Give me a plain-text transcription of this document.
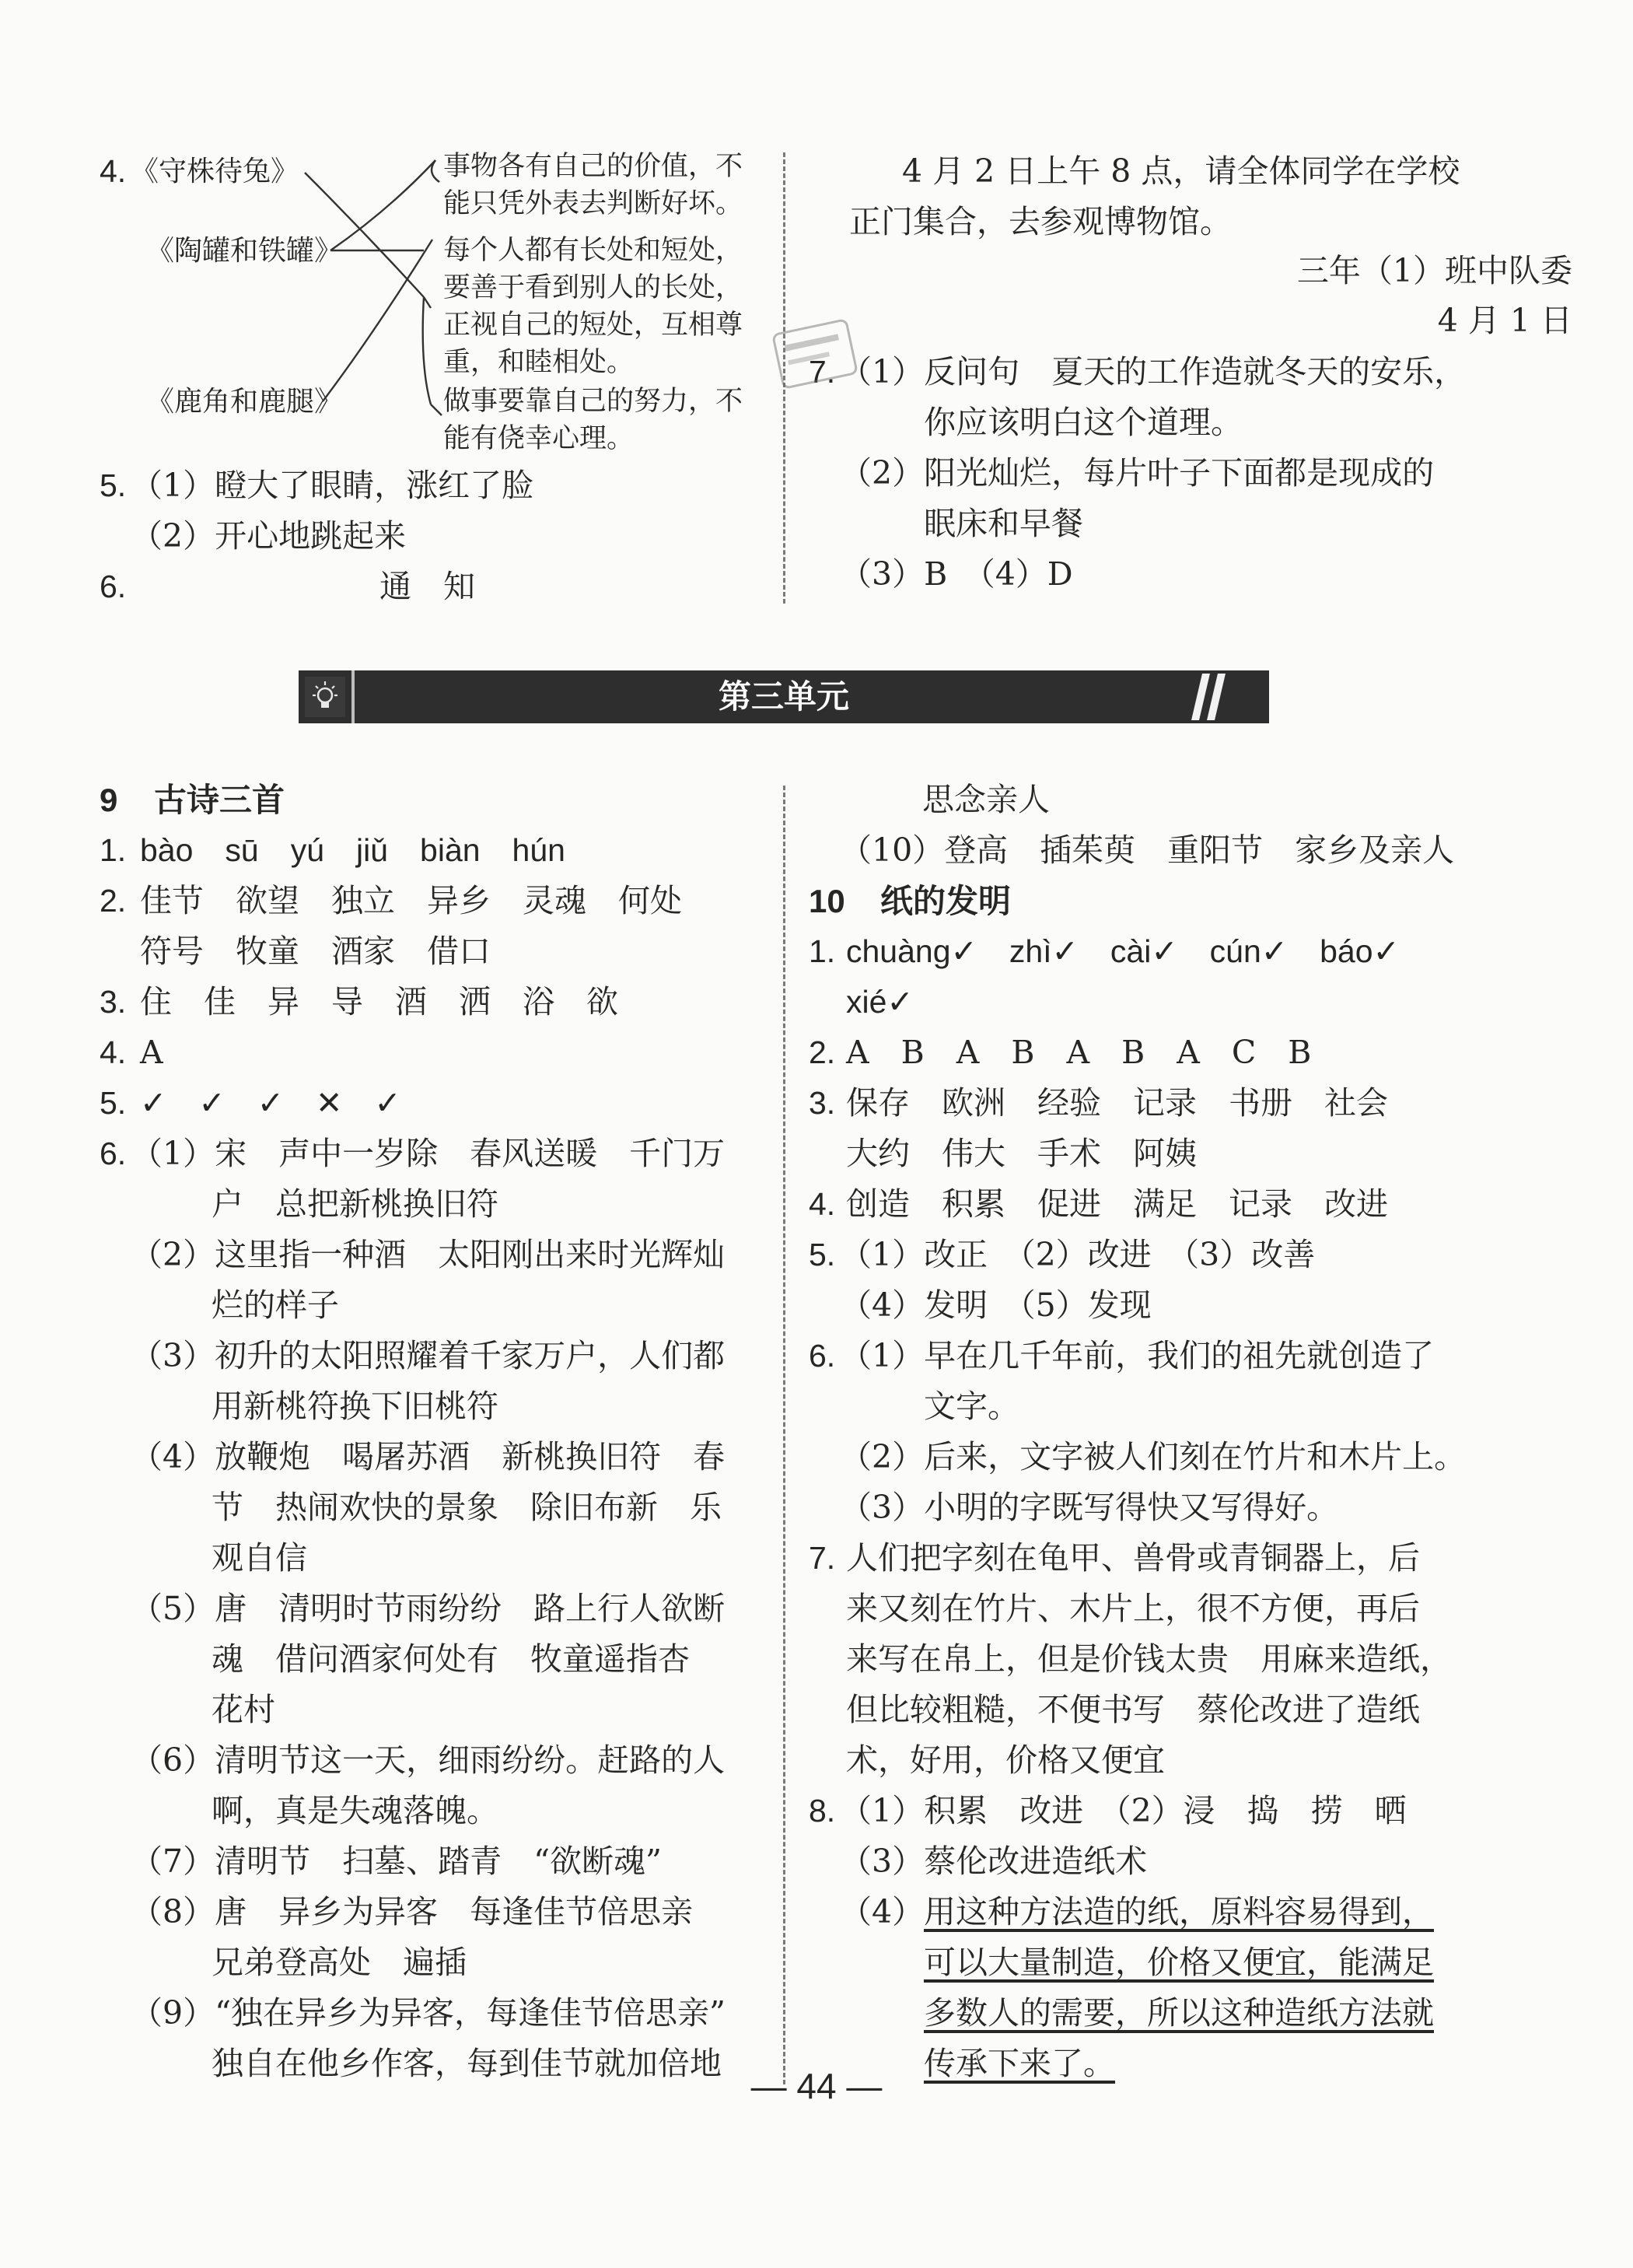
4. 《守株待兔》
《陶罐和铁罐》
《鹿角和鹿腿》
事物各有自己的价值，不
能只凭外表去判断好坏。
每个人都有长处和短处，
要善于看到别人的长处，
正视自己的短处，互相尊
重，和睦相处。
做事要靠自己的努力，不
能有侥幸心理。
5. （1）瞪大了眼睛，涨红了脸
（2）开心地跳起来
6.	通　知
4 月 2 日上午 8 点，请全体同学在学校
正门集合，去参观博物馆。
三年（1）班中队委
4 月 1 日
7. （1）反问句　夏天的工作造就冬天的安乐，
你应该明白这个道理。
（2）阳光灿烂，每片叶子下面都是现成的
眠床和早餐
（3）B　（4）D
第三单元
9 古诗三首
1. bào　sū　yú　jiǔ　biàn　hún
2. 佳节　欲望　独立　异乡　灵魂　何处
符号　牧童　酒家　借口
3. 住　佳　异　导　酒　洒　浴　欲
4. A
5. ✓　✓　✓　✕　✓
6. （1）宋　声中一岁除　春风送暖　千门万
户　总把新桃换旧符
（2）这里指一种酒　太阳刚出来时光辉灿
烂的样子
（3）初升的太阳照耀着千家万户，人们都
用新桃符换下旧桃符
（4）放鞭炮　喝屠苏酒　新桃换旧符　春
节　热闹欢快的景象　除旧布新　乐
观自信
（5）唐　清明时节雨纷纷　路上行人欲断
魂　借问酒家何处有　牧童遥指杏
花村
（6）清明节这一天，细雨纷纷。赶路的人
啊，真是失魂落魄。
（7）清明节　扫墓、踏青　“欲断魂”
（8）唐　异乡为异客　每逢佳节倍思亲
兄弟登高处　遍插
（9）“独在异乡为异客，每逢佳节倍思亲”
独自在他乡作客，每到佳节就加倍地
思念亲人
（10）登高　插茱萸　重阳节　家乡及亲人
10 纸的发明
1. chuàng✓　zhì✓　cài✓　cún✓　báo✓
xié✓
2. A　B　A　B　A　B　A　C　B
3. 保存　欧洲　经验　记录　书册　社会
大约　伟大　手术　阿姨
4. 创造　积累　促进　满足　记录　改进
5. （1）改正　（2）改进　（3）改善
（4）发明　（5）发现
6. （1）早在几千年前，我们的祖先就创造了
文字。
（2）后来，文字被人们刻在竹片和木片上。
（3）小明的字既写得快又写得好。
7. 人们把字刻在龟甲、兽骨或青铜器上，后
来又刻在竹片、木片上，很不方便，再后
来写在帛上，但是价钱太贵　用麻来造纸，
但比较粗糙，不便书写　蔡伦改进了造纸
术，好用，价格又便宜
8. （1）积累　改进　（2）浸　捣　捞　晒
（3）蔡伦改进造纸术
（4） 用这种方法造的纸，原料容易得到，
可以大量制造，价格又便宜，能满足
多数人的需要，所以这种造纸方法就
传承下来了。
— 44 —
